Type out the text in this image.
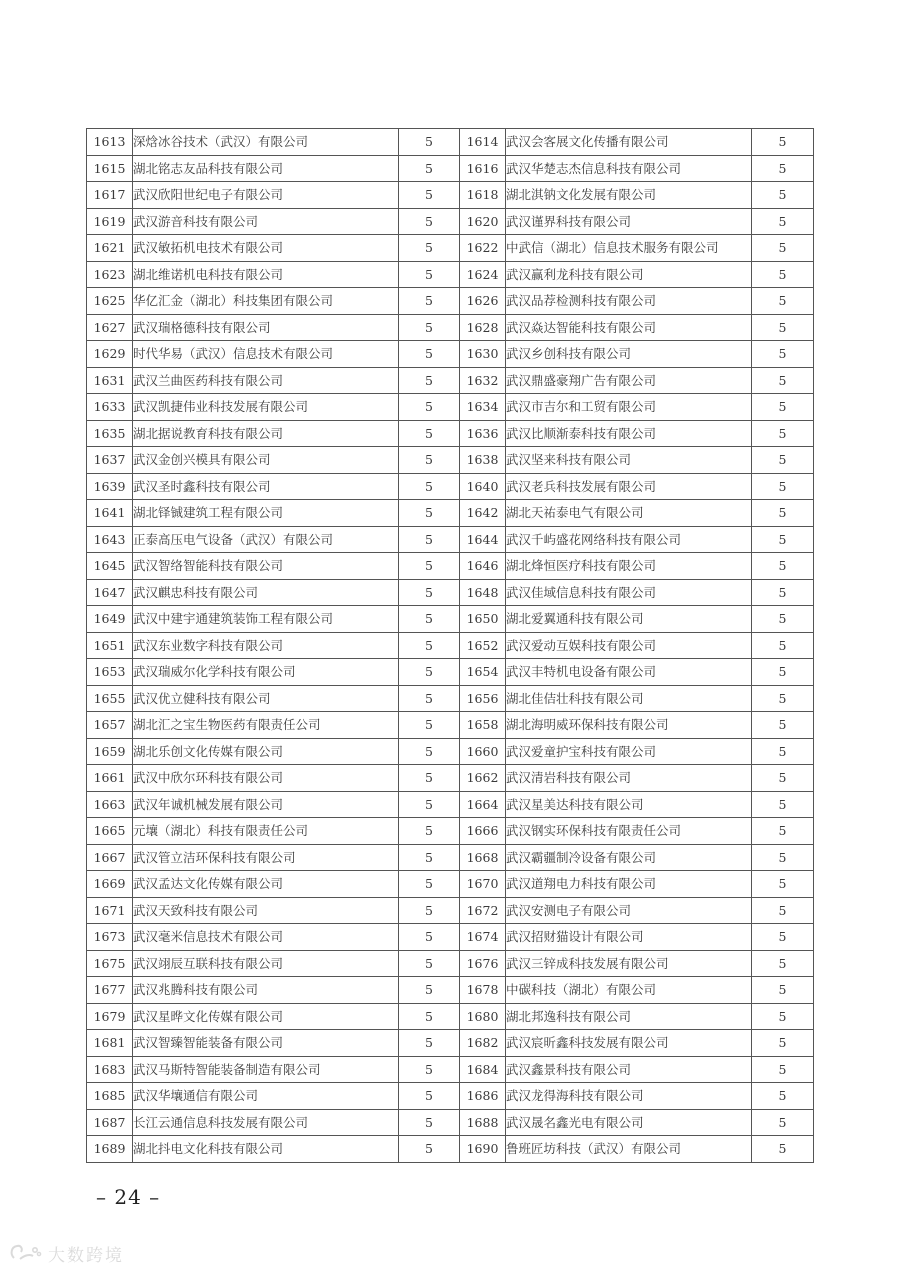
1613	深焓冰谷技术（武汉）有限公司	5	1614	武汉会客展文化传播有限公司	5
1615	湖北铭志友品科技有限公司	5	1616	武汉华楚志杰信息科技有限公司	5
1617	武汉欣阳世纪电子有限公司	5	1618	湖北淇钠文化发展有限公司	5
1619	武汉游音科技有限公司	5	1620	武汉谨界科技有限公司	5
1621	武汉敏拓机电技术有限公司	5	1622	中武信（湖北）信息技术服务有限公司	5
1623	湖北维诺机电科技有限公司	5	1624	武汉赢利龙科技有限公司	5
1625	华亿汇金（湖北）科技集团有限公司	5	1626	武汉品荐检测科技有限公司	5
1627	武汉瑞格德科技有限公司	5	1628	武汉焱达智能科技有限公司	5
1629	时代华易（武汉）信息技术有限公司	5	1630	武汉乡创科技有限公司	5
1631	武汉兰曲医药科技有限公司	5	1632	武汉鼎盛豪翔广告有限公司	5
1633	武汉凯捷伟业科技发展有限公司	5	1634	武汉市吉尔和工贸有限公司	5
1635	湖北据说教育科技有限公司	5	1636	武汉比顺渐泰科技有限公司	5
1637	武汉金创兴模具有限公司	5	1638	武汉坚来科技有限公司	5
1639	武汉圣时鑫科技有限公司	5	1640	武汉老兵科技发展有限公司	5
1641	湖北铎铖建筑工程有限公司	5	1642	湖北天祐泰电气有限公司	5
1643	正泰高压电气设备（武汉）有限公司	5	1644	武汉千屿盛花网络科技有限公司	5
1645	武汉智络智能科技有限公司	5	1646	湖北烽恒医疗科技有限公司	5
1647	武汉麒忠科技有限公司	5	1648	武汉佳域信息科技有限公司	5
1649	武汉中建宇通建筑装饰工程有限公司	5	1650	湖北爱翼通科技有限公司	5
1651	武汉东业数字科技有限公司	5	1652	武汉爱动互娱科技有限公司	5
1653	武汉瑞威尔化学科技有限公司	5	1654	武汉丰特机电设备有限公司	5
1655	武汉优立健科技有限公司	5	1656	湖北佳佶壮科技有限公司	5
1657	湖北汇之宝生物医药有限责任公司	5	1658	湖北海明威环保科技有限公司	5
1659	湖北乐创文化传媒有限公司	5	1660	武汉爱童护宝科技有限公司	5
1661	武汉中欣尔环科技有限公司	5	1662	武汉清岩科技有限公司	5
1663	武汉年诚机械发展有限公司	5	1664	武汉星美达科技有限公司	5
1665	元壤（湖北）科技有限责任公司	5	1666	武汉钢实环保科技有限责任公司	5
1667	武汉管立洁环保科技有限公司	5	1668	武汉霸疆制冷设备有限公司	5
1669	武汉孟达文化传媒有限公司	5	1670	武汉道翔电力科技有限公司	5
1671	武汉天致科技有限公司	5	1672	武汉安测电子有限公司	5
1673	武汉毫米信息技术有限公司	5	1674	武汉招财猫设计有限公司	5
1675	武汉翊辰互联科技有限公司	5	1676	武汉三锌成科技发展有限公司	5
1677	武汉兆腾科技有限公司	5	1678	中碳科技（湖北）有限公司	5
1679	武汉星晔文化传媒有限公司	5	1680	湖北邦逸科技有限公司	5
1681	武汉智臻智能装备有限公司	5	1682	武汉宸昕鑫科技发展有限公司	5
1683	武汉马斯特智能装备制造有限公司	5	1684	武汉鑫景科技有限公司	5
1685	武汉华壤通信有限公司	5	1686	武汉龙得海科技有限公司	5
1687	长江云通信息科技发展有限公司	5	1688	武汉晟名鑫光电有限公司	5
1689	湖北抖电文化科技有限公司	5	1690	鲁班匠坊科技（武汉）有限公司	5
– 24 –
大数跨境
